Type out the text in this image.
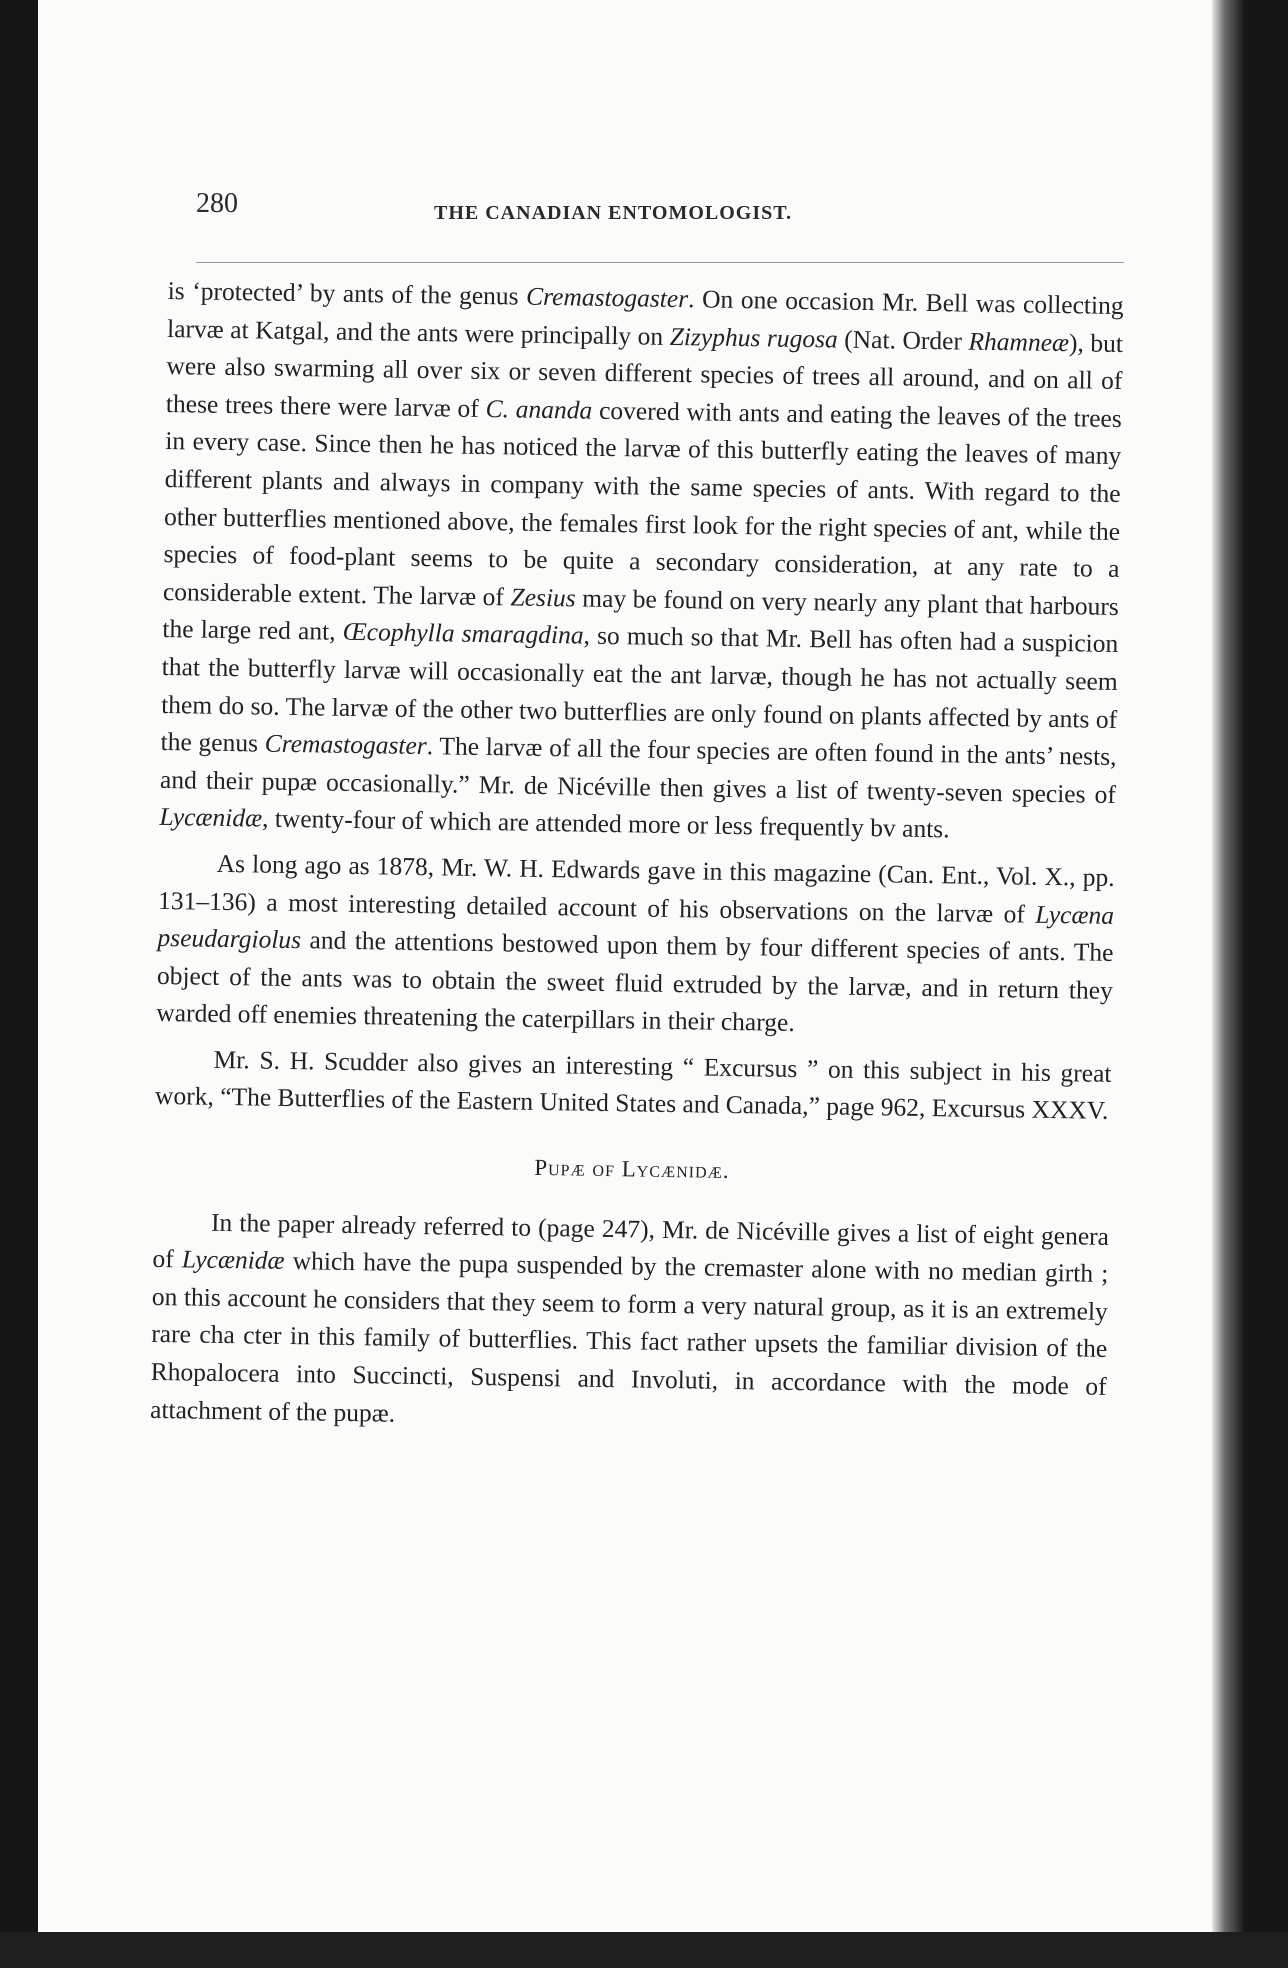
280	THE CANADIAN ENTOMOLOGIST.

is ‘protected’ by ants of the genus Cremastogaster. On one occasion Mr. Bell was collecting larvæ at Katgal, and the ants were principally on Zizyphus rugosa (Nat. Order Rhamneæ), but were also swarming all over six or seven different species of trees all around, and on all of these trees there were larvæ of C. ananda covered with ants and eating the leaves of the trees in every case. Since then he has noticed the larvæ of this butterfly eating the leaves of many different plants and always in company with the same species of ants. With regard to the other butterflies mentioned above, the females first look for the right species of ant, while the species of food-plant seems to be quite a secondary consideration, at any rate to a considerable extent. The larvæ of Zesius may be found on very nearly any plant that harbours the large red ant, Œcophylla smaragdina, so much so that Mr. Bell has often had a suspicion that the butterfly larvæ will occasionally eat the ant larvæ, though he has not actually seem them do so. The larvæ of the other two butterflies are only found on plants affected by ants of the genus Cremastogaster. The larvæ of all the four species are often found in the ants’ nests, and their pupæ occasionally.” Mr. de Nicéville then gives a list of twenty-seven species of Lycænidæ, twenty-four of which are attended more or less frequently bv ants.

As long ago as 1878, Mr. W. H. Edwards gave in this magazine (Can. Ent., Vol. X., pp. 131–136) a most interesting detailed account of his observations on the larvæ of Lycæna pseudargiolus and the attentions bestowed upon them by four different species of ants. The object of the ants was to obtain the sweet fluid extruded by the larvæ, and in return they warded off enemies threatening the caterpillars in their charge.

Mr. S. H. Scudder also gives an interesting “ Excursus ” on this subject in his great work, “The Butterflies of the Eastern United States and Canada,” page 962, Excursus XXXV.

Pupæ of Lycænidæ.

In the paper already referred to (page 247), Mr. de Nicéville gives a list of eight genera of Lycænidæ which have the pupa suspended by the cremaster alone with no median girth ; on this account he considers that they seem to form a very natural group, as it is an extremely rare cha cter in this family of butterflies. This fact rather upsets the familiar division of the Rhopalocera into Succincti, Suspensi and Involuti, in accordance with the mode of attachment of the pupæ.
